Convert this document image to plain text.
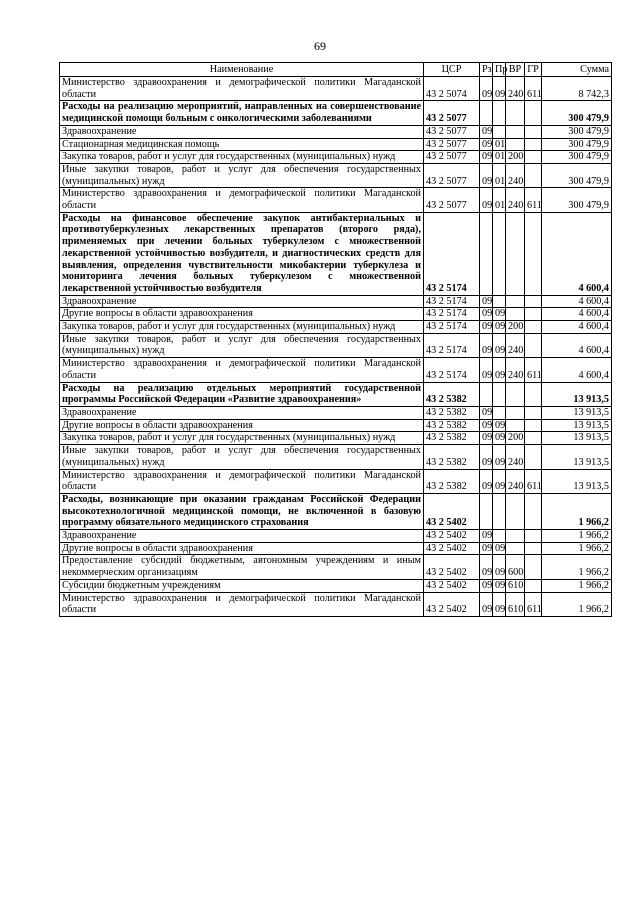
69
Наименование	ЦСР	Рз	Пр	ВР	ГР	Сумма
Министерство здравоохранения и демографической политики Магаданской области	43 2 5074	09	09	240	611	8 742,3
Расходы на реализацию мероприятий, направленных на совершенствование медицинской помощи больным с онкологическими заболеваниями	43 2 5077					300 479,9
Здравоохранение	43 2 5077	09				300 479,9
Стационарная медицинская помощь	43 2 5077	09	01			300 479,9
Закупка товаров, работ и услуг для государственных (муниципальных) нужд	43 2 5077	09	01	200		300 479,9
Иные закупки товаров, работ и услуг для обеспечения государственных (муниципальных) нужд	43 2 5077	09	01	240		300 479,9
Министерство здравоохранения и демографической политики Магаданской области	43 2 5077	09	01	240	611	300 479,9
Расходы на финансовое обеспечение закупок антибактериальных и противотуберкулезных лекарственных препаратов (второго ряда), применяемых при лечении больных туберкулезом с множественной лекарственной устойчивостью возбудителя, и диагностических средств для выявления, определения чувствительности микобактерии туберкулеза и мониторинга лечения больных туберкулезом с множественной лекарственной устойчивостью возбудителя	43 2 5174					4 600,4
Здравоохранение	43 2 5174	09				4 600,4
Другие вопросы в области здравоохранения	43 2 5174	09	09			4 600,4
Закупка товаров, работ и услуг для государственных (муниципальных) нужд	43 2 5174	09	09	200		4 600,4
Иные закупки товаров, работ и услуг для обеспечения государственных (муниципальных) нужд	43 2 5174	09	09	240		4 600,4
Министерство здравоохранения и демографической политики Магаданской области	43 2 5174	09	09	240	611	4 600,4
Расходы на реализацию отдельных мероприятий государственной программы Российской Федерации «Развитие здравоохранения»	43 2 5382					13 913,5
Здравоохранение	43 2 5382	09				13 913,5
Другие вопросы в области здравоохранения	43 2 5382	09	09			13 913,5
Закупка товаров, работ и услуг для государственных (муниципальных) нужд	43 2 5382	09	09	200		13 913,5
Иные закупки товаров, работ и услуг для обеспечения государственных (муниципальных) нужд	43 2 5382	09	09	240		13 913,5
Министерство здравоохранения и демографической политики Магаданской области	43 2 5382	09	09	240	611	13 913,5
Расходы, возникающие при оказании гражданам Российской Федерации высокотехнологичной медицинской помощи, не включенной в базовую программу обязательного медицинского страхования	43 2 5402					1 966,2
Здравоохранение	43 2 5402	09				1 966,2
Другие вопросы в области здравоохранения	43 2 5402	09	09			1 966,2
Предоставление субсидий бюджетным, автономным учреждениям и иным некоммерческим организациям	43 2 5402	09	09	600		1 966,2
Субсидии бюджетным учреждениям	43 2 5402	09	09	610		1 966,2
Министерство здравоохранения и демографической политики Магаданской области	43 2 5402	09	09	610	611	1 966,2
